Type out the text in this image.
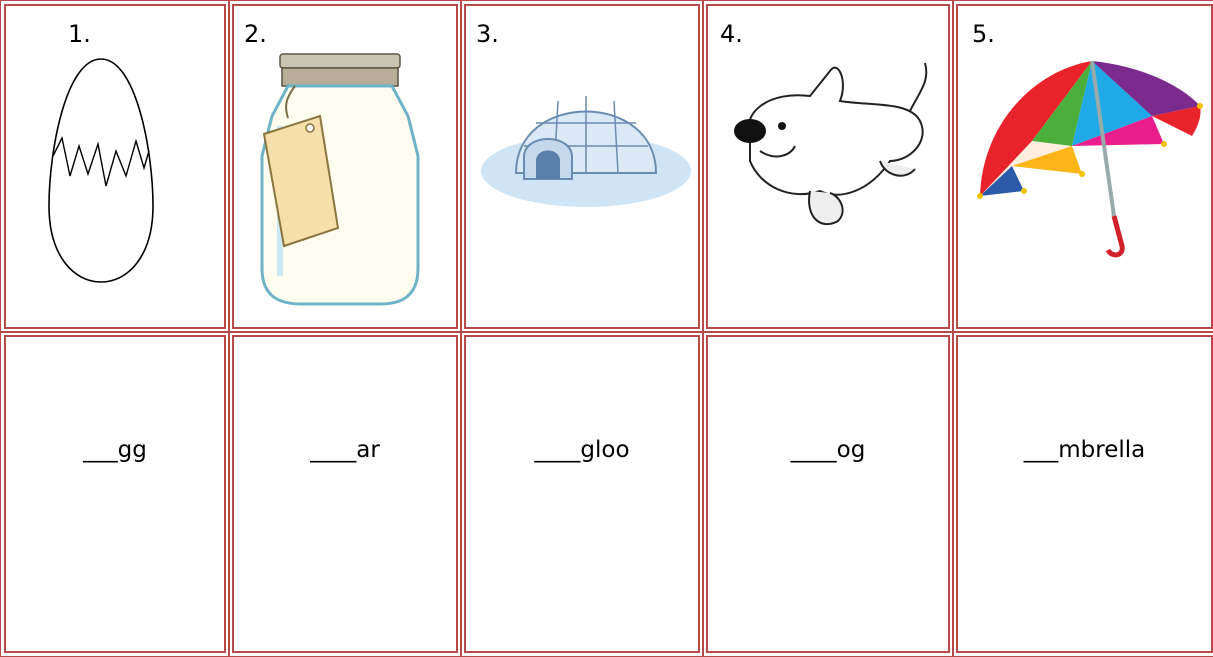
1.	2.	3.	4.	5.
___gg	____ar	____gloo	____og	___mbrella
